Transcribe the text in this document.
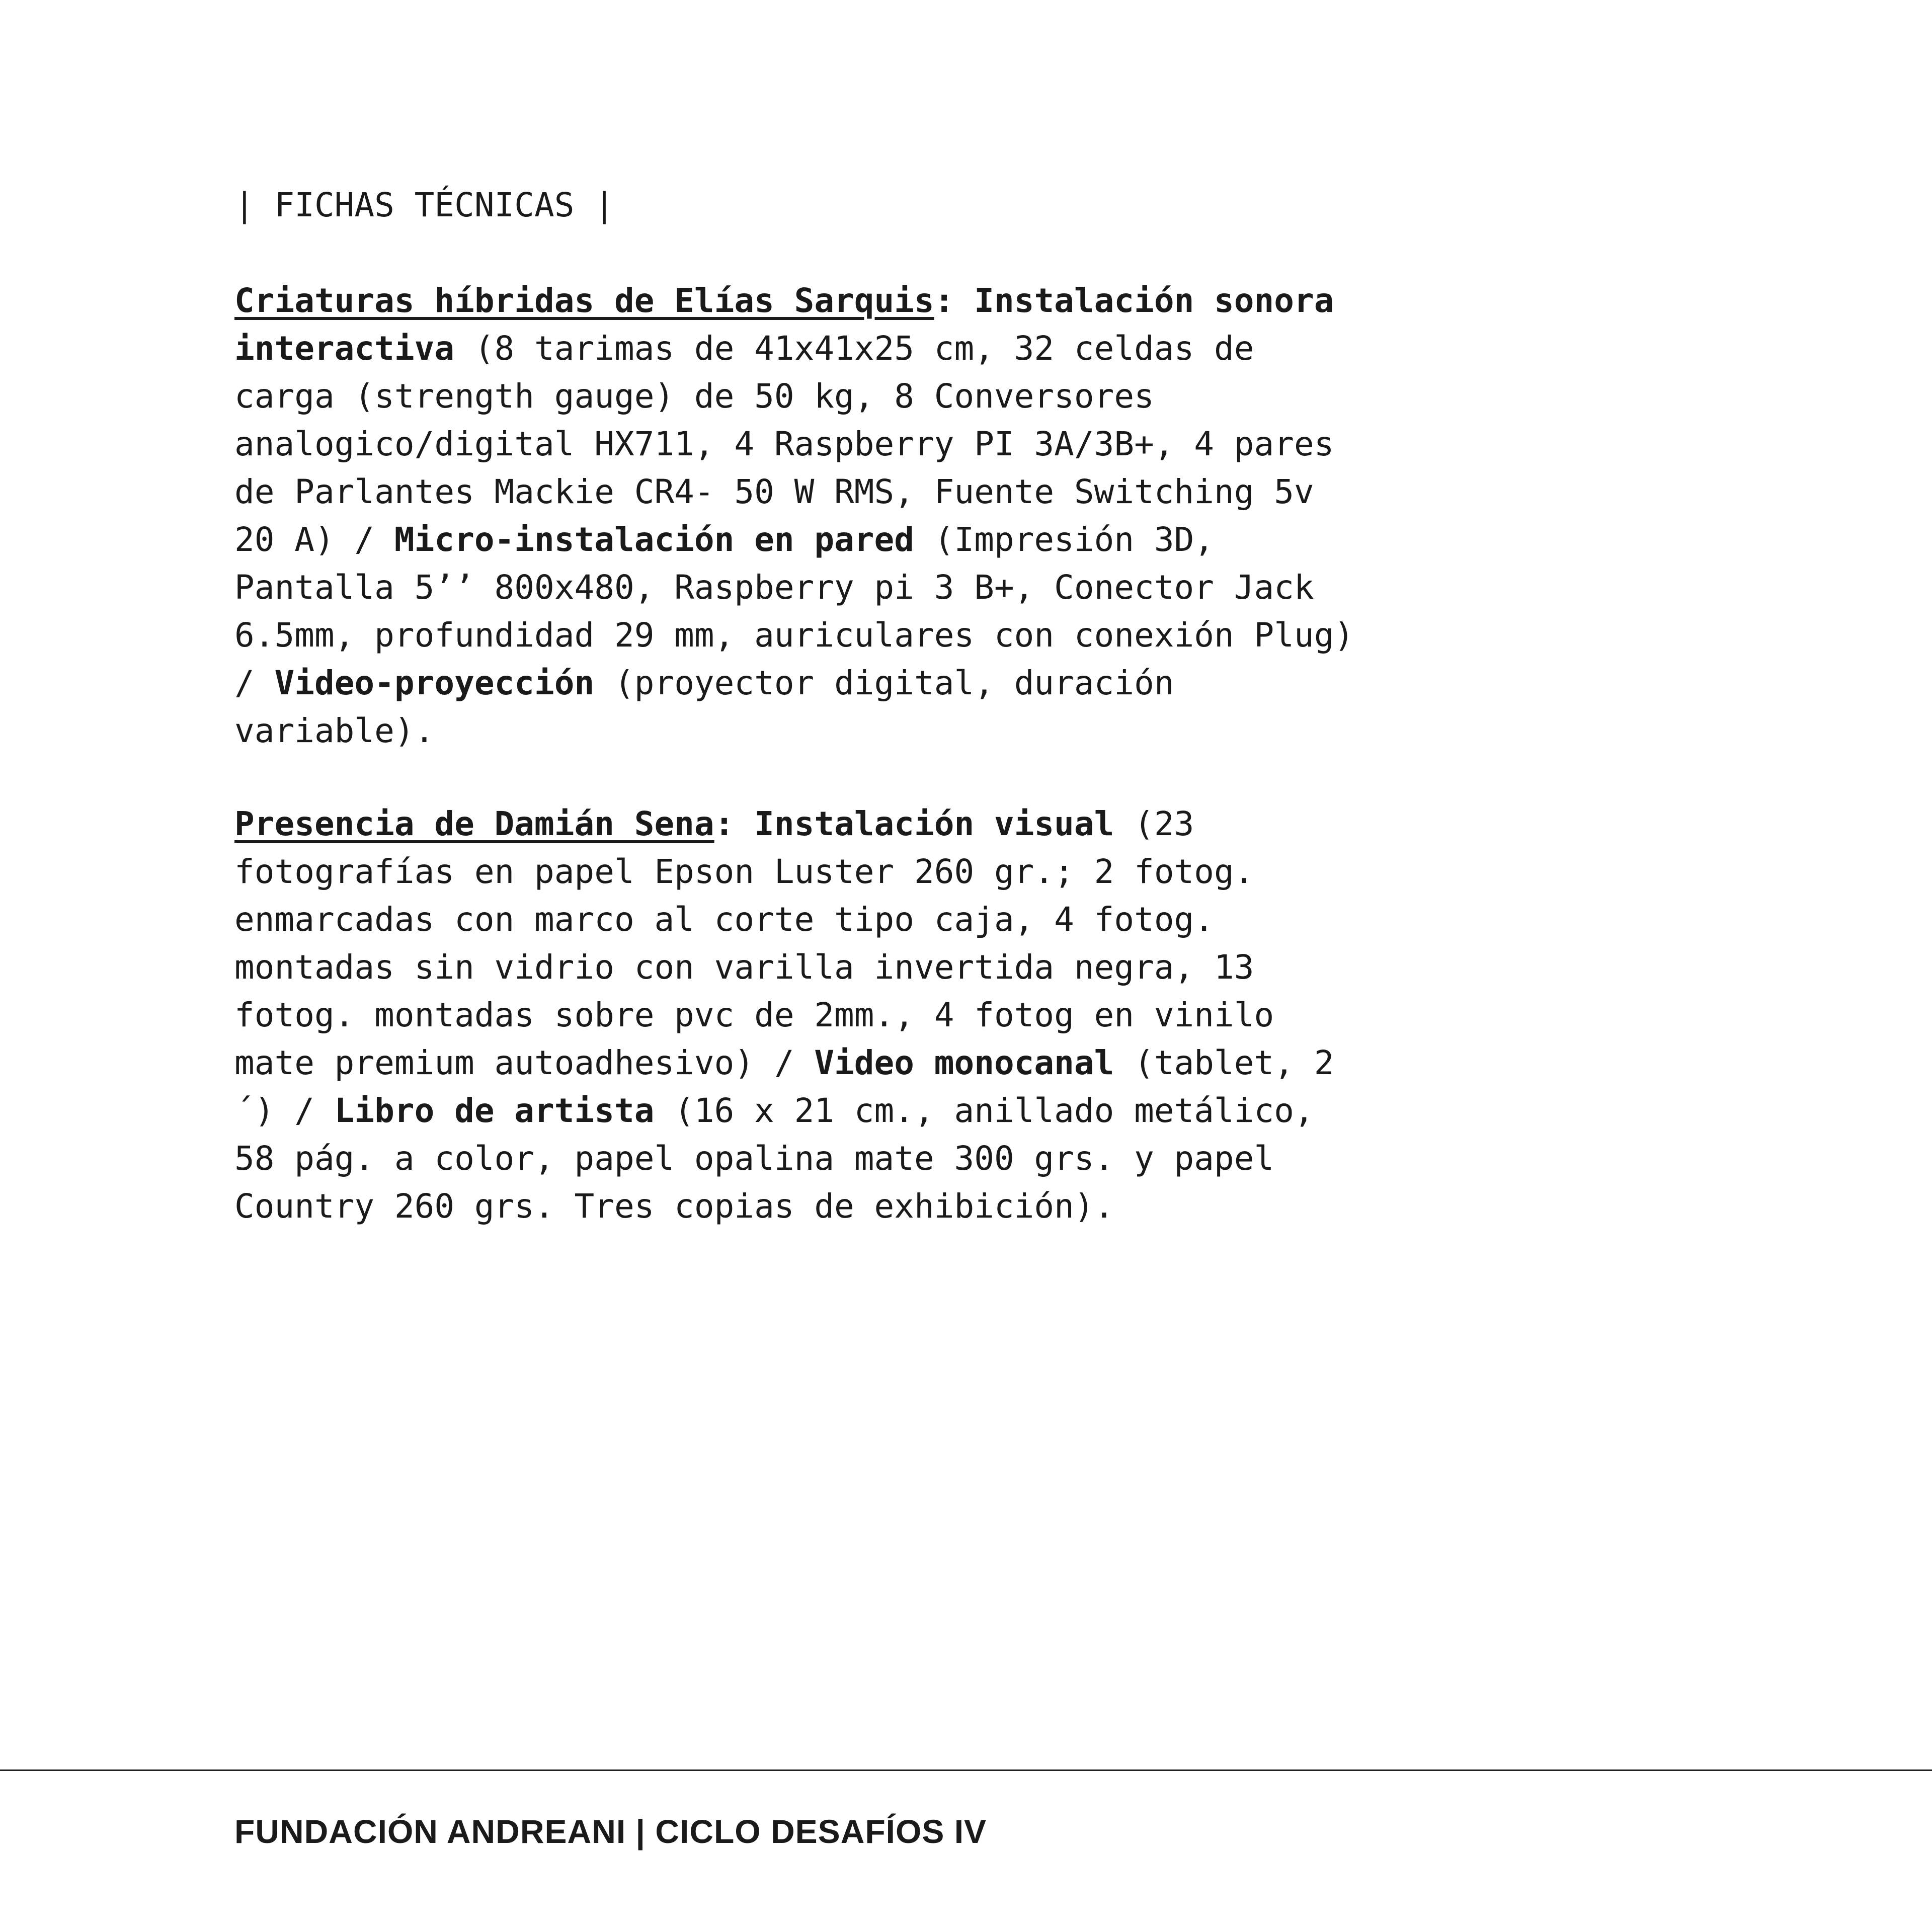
| FICHAS TÉCNICAS |

Criaturas híbridas de Elías Sarquis: Instalación sonora interactiva (8 tarimas de 41x41x25 cm, 32 celdas de carga (strength gauge) de 50 kg, 8 Conversores analogico/digital HX711, 4 Raspberry PI 3A/3B+, 4 pares de Parlantes Mackie CR4- 50 W RMS, Fuente Switching 5v 20 A) / Micro-instalación en pared (Impresión 3D, Pantalla 5’’ 800x480, Raspberry pi 3 B+, Conector Jack 6.5mm, profundidad 29 mm, auriculares con conexión Plug) / Video-proyección (proyector digital, duración variable).

Presencia de Damián Sena: Instalación visual (23 fotografías en papel Epson Luster 260 gr.; 2 fotog. enmarcadas con marco al corte tipo caja, 4 fotog. montadas sin vidrio con varilla invertida negra, 13 fotog. montadas sobre pvc de 2mm., 4 fotog en vinilo mate premium autoadhesivo) / Video monocanal (tablet, 2´) / Libro de artista (16 x 21 cm., anillado metálico, 58 pág. a color, papel opalina mate 300 grs. y papel Country 260 grs. Tres copias de exhibición).

FUNDACIÓN ANDREANI | CICLO DESAFÍOS IV
